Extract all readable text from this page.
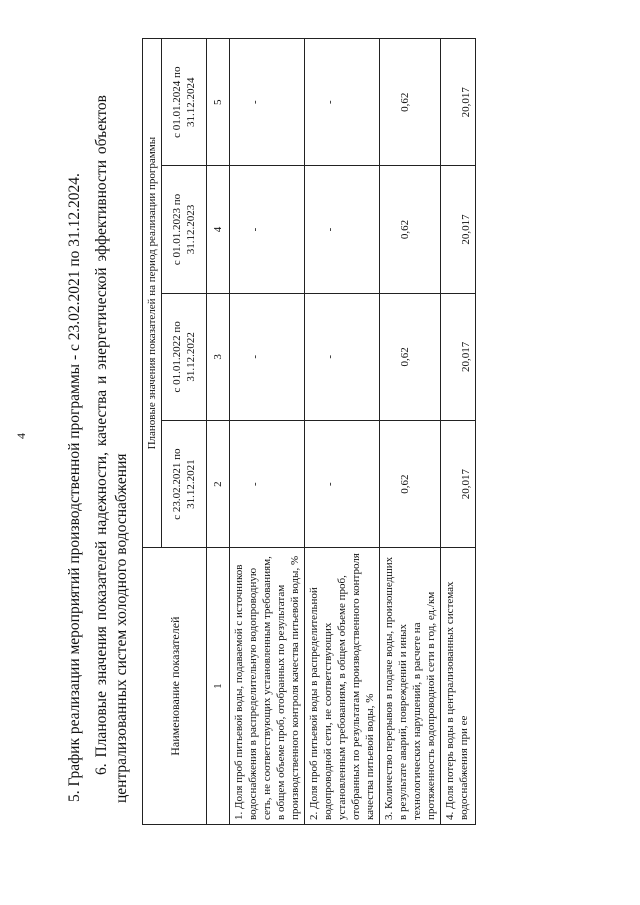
4 5. График реализации мероприятий производственной программы - с 23.02.2021 по 31.12.2024. 6. Плановые значения показателей надежности, качества и энергетической эффективности объектов централизованных систем холодного водоснабжения	Наименование показателей	Плановые значения показателей на период реализации программы			
	с 23.02.2021 по 31.12.2021	с 01.01.2022 по 31.12.2022	с 01.01.2023 по 31.12.2023	с 01.01.2024 по 31.12.2024
1	2	3	4	5
1. Доля проб питьевой воды, подаваемой с источников водоснабжения в распределительную водопроводную сеть, не соответствующих установленным требованиям, в общем объеме проб, отобранных по результатам производственного контроля качества питьевой воды, %	-	-	-	-
2. Доля проб питьевой воды в распределительной водопроводной сети, не соответствующих установленным требованиям, в общем объеме проб, отобранных по результатам производственного контроля качества питьевой воды, %	-	-	-	-
3. Количество перерывов в подаче воды, произошедших в результате аварий, повреждений и иных технологических нарушений, в расчете на протяженность водопроводной сети в год, ед./км	0,62	0,62	0,62	0,62
4. Доля потерь воды в централизованных системах водоснабжения при ее	20,017	20,017	20,017	20,017
